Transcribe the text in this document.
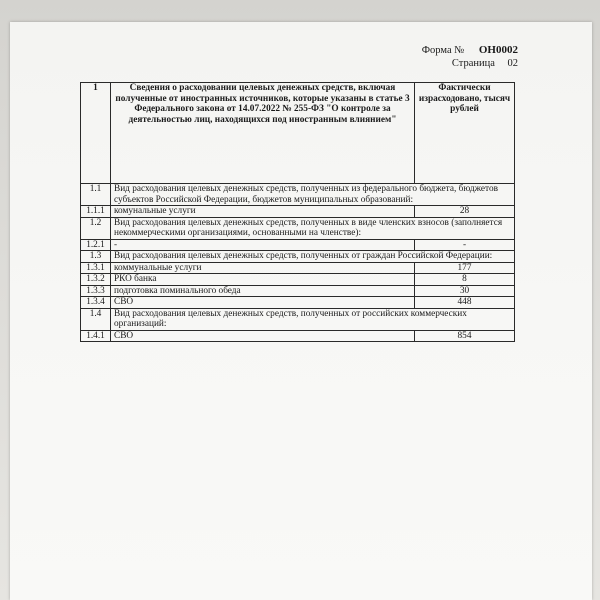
Форма № ОН0002
Страница 02
1	Сведения о расходовании целевых денежных средств, включая полученные от иностранных источников, которые указаны в статье 3 Федерального закона от 14.07.2022 № 255-ФЗ "О контроле за деятельностью лиц, находящихся под иностранным влиянием"	Фактически израсходовано, тысяч рублей
1.1	Вид расходования целевых денежных средств, полученных из федерального бюджета, бюджетов субъектов Российской Федерации, бюджетов муниципальных образований:	
1.1.1	комунальные услуги	28
1.2	Вид расходования целевых денежных средств, полученных в виде членских взносов (заполняется некоммерческими организациями, основанными на членстве):	
1.2.1	-	-
1.3	Вид расходования целевых денежных средств, полученных от граждан Российской Федерации:	
1.3.1	коммунальные услуги	177
1.3.2	РКО банка	8
1.3.3	подготовка поминального обеда	30
1.3.4	СВО	448
1.4	Вид расходования целевых денежных средств, полученных от российских коммерческих организаций:	
1.4.1	СВО	854
